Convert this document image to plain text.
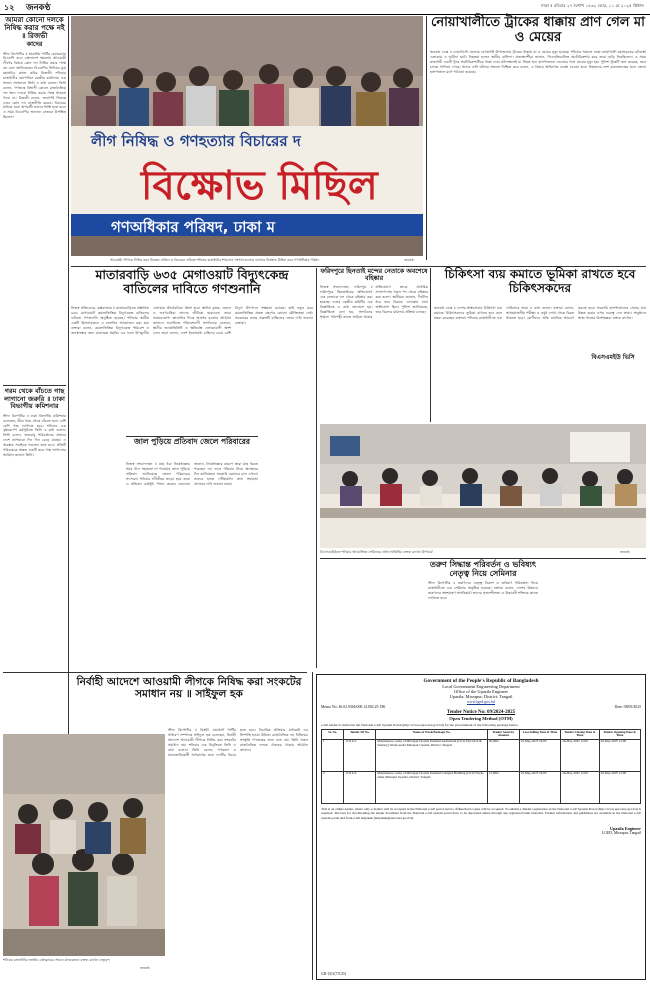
১২ জনকণ্ঠ	ঢাকা ॥ রবিবার ২৭ বৈশাখ ১৪৩২ ভোর, ১১ মে ২০২৫ খ্রিষ্টাব্দ
আমরা কোনো দলকে নিষিদ্ধ করার পক্ষে নই ॥ রিজভী
কাদের
স্টাফ রিপোর্টার ॥ ভারতীয় পার্টির চেয়ারম্যান বিএনপি বাদে বাংলাদেশ ক্ষমতায় আওয়ামী লীগের বিষয়ে কোন দল নিষিদ্ধ করার পক্ষে নয় বলে জানিয়েছেন বিএনপির সিনিয়র যুগ্ম মহাসচিব রুহুল কবির রিজভী। শনিবার রাজধানীর নয়াপল্টনে কেন্দ্রীয় কার্যালয়ে এক সংবাদ সম্মেলনে তিনি এ কথা বলেন। তিনি বলেন, গণতন্ত্রে বিশ্বাসী কোনো রাজনৈতিক দল অন্য দলকে নিষিদ্ধ করার পক্ষে থাকতে পারে না। রিজভী বলেন, জনগণই সিদ্ধান্ত নেবে কোন দল রাজনীতি করবে। বিচারের মাধ্যমে যারা অপরাধী তাদের শাস্তি হতে হবে। এ সময় বিএনপির অন্যান্য নেতারা উপস্থিত ছিলেন।
গরম থেকে বাঁচতে গাছ লাগানো জরুরি ॥ ঢাকা বিভাগীয় কমিশনার
স্টাফ রিপোর্টার ॥ ঢাকা বিভাগীয় কমিশনার বলেছেন, তীব্র গরম থেকে বাঁচতে হলে বেশি বেশি গাছ লাগাতে হবে। শনিবার এক বৃক্ষরোপণ কর্মসূচিতে তিনি এ কথা বলেন। তিনি বলেন, জলবায়ু পরিবর্তনের প্রভাবে দেশে তাপমাত্রা দিন দিন বেড়ে যাচ্ছে। এ অবস্থায় সবাইকে সচেতন হতে হবে। প্রতিটি পরিবারকে অন্তত একটি করে গাছ লাগানোর আহ্বান জানান তিনি।
লীগ নিষিদ্ধ ও গণহত্যার বিচারের দ
বিক্ষোভ মিছিল
গণঅধিকার পরিষদ, ঢাকা ম
আওয়ামী লীগকে নিষিদ্ধ করে নিবন্ধন বাতিল ও বিচারের দাবিতে শনিবার রাজধানীর শাহবাগে সংগঠনগুলোর ব্যানারে বিক্ষোভ মিছিল করে গণঅধিকার পরিষদ	জনকণ্ঠ
নোয়াখালীতে ট্রাকের ধাক্কায় প্রাণ গেল মা ও মেয়ের
জনকণ্ঠ ডেস্ক ॥ নোয়াখালী জেলার বেগমগঞ্জ উপজেলায় ট্রাকের ধাক্কায় মা ও মেয়ের মৃত্যু হয়েছে। শনিবার সকালে ঢাকা-নোয়াখালী মহাসড়কের চৌরাস্তা এলাকায় এ দুর্ঘটনা ঘটে। নিহতরা হলেন স্থানীয় বাসিন্দা। প্রত্যক্ষদর্শীরা জানান, সিএনজিচালিত অটোরিকশায় করে তারা বাড়ি ফিরছিলেন। এ সময় দ্রুতগামী একটি ট্রাক অটোরিকশাটিকে ধাক্কা দেয়। ঘটনাস্থলেই মা নিহত হন। হাসপাতালে নেওয়ার পথে মেয়ের মৃত্যু হয়। পুলিশ ট্রাকটি জব্দ করেছে, তবে চালক পালিয়ে গেছে। থানার ওসি ঘটনার সত্যতা নিশ্চিত করে বলেন, এ বিষয়ে আইনগত ব্যবস্থা নেওয়া হবে। নিহতদের লাশ ময়নাতদন্তের জন্য জেলা হাসপাতাল মর্গে পাঠানো হয়েছে।
মাতারবাড়ি ৬৩৫ মেগাওয়াট বিদ্যুৎকেন্দ্র বাতিলের দাবিতে গণশুনানি
নিজস্ব প্রতিবেদক, কক্সবাজার ॥ মাতারবাড়িতে প্রস্তাবিত ৬৩৫ মেগাওয়াট কয়লাভিত্তিক বিদ্যুৎকেন্দ্র বাতিলের দাবিতে গণশুনানি অনুষ্ঠিত হয়েছে। শনিবার স্থানীয় একটি মিলনায়তনে এ শুনানির আয়োজন করা হয়। বক্তারা বলেন, কয়লাভিত্তিক বিদ্যুৎকেন্দ্র পরিবেশ ও জনস্বাস্থ্যের জন্য মারাত্মক হুমকি। এর ফলে উপকূলীয় এলাকার জীববৈচিত্র্য ধ্বংস হবে। স্থানীয় কৃষক, জেলে ও লবণচাষিরা তাদের জীবিকা হারাবেন। তারা নবায়নযোগ্য জ্বালানির দিকে অগ্রসর হওয়ার আহ্বান জানান। শুনানিতে পরিবেশবাদী সংগঠনের নেতারা, স্থানীয় জনপ্রতিনিধি ও ক্ষতিগ্রস্ত এলাকাবাসী অংশ নেন। তারা বলেন, দেশে ইতোমধ্যে চাহিদার চেয়ে বেশি বিদ্যুৎ উৎপাদন সক্ষমতা রয়েছে। তাই নতুন করে কয়লাভিত্তিক প্রকল্প গ্রহণের কোনো যৌক্তিকতা নেই। সরকারের কাছে প্রকল্পটি বাতিলের জোর দাবি জানান বক্তারা।
জাল পুড়িয়ে প্রতিবাদ জেলে পরিবারের
নিজস্ব সংবাদদাতা ॥ মাছ ধরা নিষেধাজ্ঞার সময় খাদ্য সহায়তা না পাওয়ায় জাল পুড়িয়ে প্রতিবাদ জানিয়েছে জেলে পরিবারের সদস্যরা। শনিবার নদীতীরে জড়ো হয়ে তারা এ প্রতিবাদ কর্মসূচি পালন করেন। জেলেরা জানান, নিষেধাজ্ঞার কারণে তারা মাছ ধরতে পারছেন না। ফলে পরিবার নিয়ে অনাহারে দিন কাটাচ্ছেন। সরকারি বরাদ্দের চাল এখনো তাদের হাতে পৌঁছায়নি। দ্রুত সহায়তা প্রদানের দাবি জানান তারা।
ফরিদপুরে ছিনতাই মন্দের নেতাকে অবশেষে বহিষ্কার
নিজস্ব সংবাদদাতা, ফরিদপুর ॥ ফরিদপুরে ছিনতাইয়ের অভিযোগে এক নেতাকে দল থেকে বহিষ্কার করা হয়েছে। দলের কেন্দ্রীয় কমিটির এক বিজ্ঞপ্তিতে এ তথ্য জানানো হয়। বিজ্ঞপ্তিতে বলা হয়, সংগঠনের শৃঙ্খলা পরিপন্থী কাজে জড়িত থাকার অভিযোগে তাকে প্রাথমিক সদস্যপদসহ সকল পদ থেকে বহিষ্কার করা হলো। স্থানীয়রা জানান, দীর্ঘদিন ধরে তার বিরুদ্ধে এলাকায় নানা অভিযোগ ছিল। পুলিশ জানিয়েছে, তার বিরুদ্ধে মামলার প্রক্রিয়া চলছে।
চিকিৎসা ব্যয় কমাতে ভূমিকা রাখতে হবে চিকিৎসকদের
জনকণ্ঠ ডেস্ক ॥ দেশের স্বাস্থ্যসেবায় চিকিৎসা ব্যয় কমাতে চিকিৎসকদের ভূমিকা রাখতে হবে বলে মন্তব্য করেছেন বক্তারা। শনিবার রাজধানীতে এক সেমিনারে তারা এ কথা বলেন। বক্তারা বলেন, অপ্রয়োজনীয় পরীক্ষা ও ওষুধ লেখা থেকে বিরত থাকতে হবে। রোগীদের প্রতি মানবিক আচরণ করতে হবে। সরকারি হাসপাতালের সেবার মান উন্নত করার ওপর গুরুত্ব দেন তারা। অনুষ্ঠানে স্বাস্থ্য খাতের বিশেষজ্ঞরা বক্তব্য রাখেন।
বিএসএমইউ ভিসি
বিএসএমইউতে শনিবার আয়োজিত সেমিনারে প্রধান অতিথির বক্তব্য রাখেন উপাচার্য	জনকণ্ঠ
তরুণ সিদ্ধান্ত পরিবর্তন ও ভবিষ্যৎ নেতৃত্ব নিয়ে সেমিনার
স্টাফ রিপোর্টার ॥ তরুণদের নেতৃত্ব বিকাশ ও ভবিষ্যৎ পরিকল্পনা নিয়ে রাজধানীতে এক সেমিনার অনুষ্ঠিত হয়েছে। বক্তারা বলেন, দেশের উন্নয়নে তরুণদের অংশগ্রহণ অপরিহার্য। তাদের সৃজনশীলতা ও উদ্ভাবনী শক্তিকে কাজে লাগাতে হবে।
নির্বাহী আদেশে আওয়ামী লীগকে নিষিদ্ধ করা সংকটের সমাধান নয় ॥ সাইফুল হক
স্টাফ রিপোর্টার ॥ বিপ্লবী ওয়ার্কার্স পার্টির সাধারণ সম্পাদক সাইফুল হক বলেছেন, নির্বাহী আদেশে আওয়ামী লীগকে নিষিদ্ধ করা সংকটের সমাধান নয়। শনিবার এক বিবৃতিতে তিনি এ কথা বলেন। তিনি বলেন, গণহত্যা ও মানবতাবিরোধী অপরাধের জন্য দলটির বিচার হতে হবে। বিচারিক প্রক্রিয়ার মাধ্যমেই এর নিষ্পত্তি হওয়া উচিত। রাজনৈতিক দল নিষিদ্ধের সংস্কৃতি গণতন্ত্রের জন্য শুভ নয়। তিনি সকল রাজনৈতিক দলকে ঐক্যবদ্ধ থাকার আহ্বান জানান।
শনিবার রাজধানীর জাতীয় প্রেসক্লাবের সামনে মানববন্ধনে বক্তব্য রাখেন নেতৃবৃন্দ
জনকণ্ঠ
Government of the People's Republic of Bangladesh
Local Government Engineering Department
Office of the Upazila Engineer
Upazila: Mirzapur, District: Tangail
www.lged.gov.bd
Memo No: 46.02.9366.000.14.002.25-186	Date: 08/05/2025
Tender Notice No: 09/2024-2025
Open Tendering Method (OTM)
e-GP tender is invited in the National e-GP System Portal (http://www.eprocure.gov.bd) for the procurement of the following package below.
Sl. No.	Tender ID No.	Name of Work/Package No.	Tender Security Amount	Last Selling Date & Time	Tender Closing Date & Time	Tender Opening Date & Time
1	1131212	Maintenance works of Mirzapur Upazila Parishad Auditorium (Civil, Electrical & Sanitary) Works under Mirzapur Upazila, District: Tangail.	20,000/-	25-May-2025 16:00	26-May-2025 12:00	26-May-2025 12:00
2	1131214	Maintenance works of Mirzapur Upazila Parishad Complex Building (Civil) Works under Mirzapur Upazila, District: Tangail.	15,000/-	25-May-2025 16:00	26-May-2025 12:00	26-May-2025 12:00
This is an online tender, where only e-Tender will be accepted in the National e-GP portal and no offline/hard copies will be accepted. To submit e-Tender registration in the National e-GP System Portal (http://www.eprocure.gov.bd) is required. The fees for downloading the tender document from the National e-GP system portal have to be deposited online through any registered bank branches. Further information and guidelines are available in the National e-GP system portal and from e-GP helpdesk (helpdesk@eprocure.gov.bd).
Upazila Engineer
LGED, Mirzapur, Tangail
GD-1311(7/5/25)
